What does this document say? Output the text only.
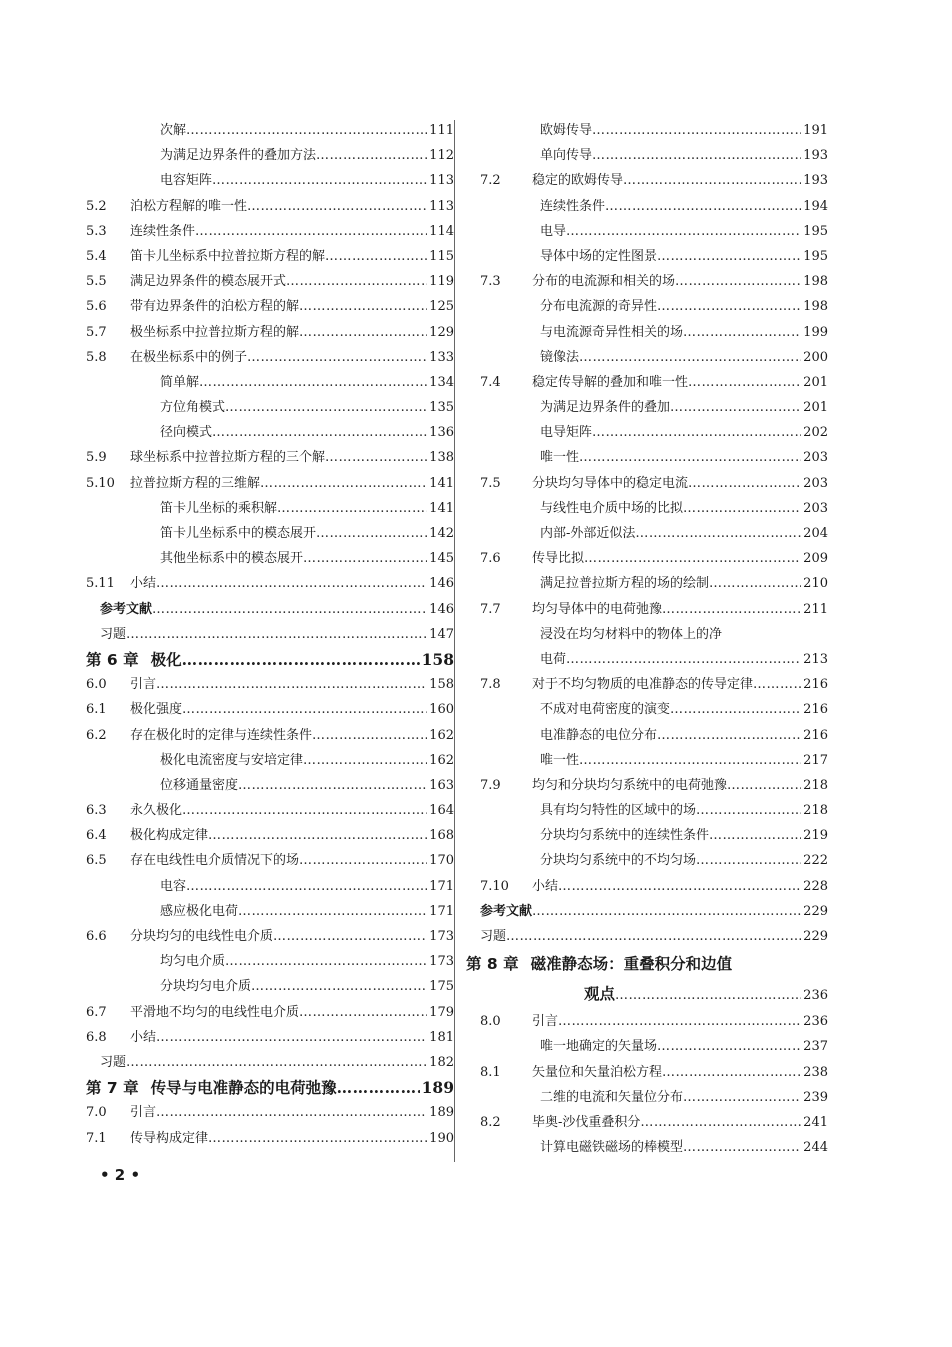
次解 …………………………………………………………………………………………………………………………………	111
为满足边界条件的叠加方法 …………………………………………………………………………………………………………………………………	112
电容矩阵 …………………………………………………………………………………………………………………………………	113
5.2	泊松方程解的唯一性 …………………………………………………………………………………………………………………………………	113
5.3	连续性条件 …………………………………………………………………………………………………………………………………	114
5.4	笛卡儿坐标系中拉普拉斯方程的解 …………………………………………………………………………………………………………………………………	115
5.5	满足边界条件的模态展开式 …………………………………………………………………………………………………………………………………	119
5.6	带有边界条件的泊松方程的解 …………………………………………………………………………………………………………………………………	125
5.7	极坐标系中拉普拉斯方程的解 …………………………………………………………………………………………………………………………………	129
5.8	在极坐标系中的例子 …………………………………………………………………………………………………………………………………	133
简单解 …………………………………………………………………………………………………………………………………	134
方位角模式 …………………………………………………………………………………………………………………………………	135
径向模式 …………………………………………………………………………………………………………………………………	136
5.9	球坐标系中拉普拉斯方程的三个解 …………………………………………………………………………………………………………………………………	138
5.10 拉普拉斯方程的三维解 …………………………………………………………………………………………………………………………………	141
笛卡儿坐标的乘积解 …………………………………………………………………………………………………………………………………	141
笛卡儿坐标系中的模态展开 …………………………………………………………………………………………………………………………………	142
其他坐标系中的模态展开 …………………………………………………………………………………………………………………………………	145
5.11 小结 …………………………………………………………………………………………………………………………………	146
参考文献 …………………………………………………………………………………………………………………………………	146
习题 …………………………………………………………………………………………………………………………………	147
第 6 章 极化 …………………………………………………………………………………………………………………………………	158
6.0	引言 …………………………………………………………………………………………………………………………………	158
6.1	极化强度 …………………………………………………………………………………………………………………………………	160
6.2	存在极化时的定律与连续性条件 …………………………………………………………………………………………………………………………………	162
极化电流密度与安培定律 …………………………………………………………………………………………………………………………………	162
位移通量密度 …………………………………………………………………………………………………………………………………	163
6.3	永久极化 …………………………………………………………………………………………………………………………………	164
6.4	极化构成定律 …………………………………………………………………………………………………………………………………	168
6.5	存在电线性电介质情况下的场 …………………………………………………………………………………………………………………………………	170
电容 …………………………………………………………………………………………………………………………………	171
感应极化电荷 …………………………………………………………………………………………………………………………………	171
6.6	分块均匀的电线性电介质 …………………………………………………………………………………………………………………………………	173
均匀电介质 …………………………………………………………………………………………………………………………………	173
分块均匀电介质 …………………………………………………………………………………………………………………………………	175
6.7	平滑地不均匀的电线性电介质 …………………………………………………………………………………………………………………………………	179
6.8	小结 …………………………………………………………………………………………………………………………………	181
习题 …………………………………………………………………………………………………………………………………	182
第 7 章 传导与电准静态的电荷弛豫 …………………………………………………………………………………………………………………………………	189
7.0	引言 …………………………………………………………………………………………………………………………………	189
7.1	传导构成定律 …………………………………………………………………………………………………………………………………	190
欧姆传导 …………………………………………………………………………………………………………………………………	191
单向传导 …………………………………………………………………………………………………………………………………	193
7.2	稳定的欧姆传导 …………………………………………………………………………………………………………………………………	193
连续性条件 …………………………………………………………………………………………………………………………………	194
电导 …………………………………………………………………………………………………………………………………	195
导体中场的定性图景 …………………………………………………………………………………………………………………………………	195
7.3	分布的电流源和相关的场 …………………………………………………………………………………………………………………………………	198
分布电流源的奇异性 …………………………………………………………………………………………………………………………………	198
与电流源奇异性相关的场 …………………………………………………………………………………………………………………………………	199
镜像法 …………………………………………………………………………………………………………………………………	200
7.4	稳定传导解的叠加和唯一性 …………………………………………………………………………………………………………………………………	201
为满足边界条件的叠加 …………………………………………………………………………………………………………………………………	201
电导矩阵 …………………………………………………………………………………………………………………………………	202
唯一性 …………………………………………………………………………………………………………………………………	203
7.5	分块均匀导体中的稳定电流 …………………………………………………………………………………………………………………………………	203
与线性电介质中场的比拟 …………………………………………………………………………………………………………………………………	203
内部-外部近似法 …………………………………………………………………………………………………………………………………	204
7.6	传导比拟 …………………………………………………………………………………………………………………………………	209
满足拉普拉斯方程的场的绘制 …………………………………………………………………………………………………………………………………	210
7.7	均匀导体中的电荷弛豫 …………………………………………………………………………………………………………………………………	211
浸没在均匀材料中的物体上的净
电荷 …………………………………………………………………………………………………………………………………	213
7.8	对于不均匀物质的电准静态的传导定律 …………………………………………………………………………………………………………………………………	216
不成对电荷密度的演变 …………………………………………………………………………………………………………………………………	216
电准静态的电位分布 …………………………………………………………………………………………………………………………………	216
唯一性 …………………………………………………………………………………………………………………………………	217
7.9	均匀和分块均匀系统中的电荷弛豫 …………………………………………………………………………………………………………………………………	218
具有均匀特性的区域中的场 …………………………………………………………………………………………………………………………………	218
分块均匀系统中的连续性条件 …………………………………………………………………………………………………………………………………	219
分块均匀系统中的不均匀场 …………………………………………………………………………………………………………………………………	222
7.10	小结 …………………………………………………………………………………………………………………………………	228
参考文献 …………………………………………………………………………………………………………………………………	229
习题 …………………………………………………………………………………………………………………………………	229
第 8 章 磁准静态场：重叠积分和边值
观点 …………………………………………………………………………………………………………………………………	236
8.0	引言 …………………………………………………………………………………………………………………………………	236
唯一地确定的矢量场 …………………………………………………………………………………………………………………………………	237
8.1	矢量位和矢量泊松方程 …………………………………………………………………………………………………………………………………	238
二维的电流和矢量位分布 …………………………………………………………………………………………………………………………………	239
8.2	毕奥-沙伐重叠积分 …………………………………………………………………………………………………………………………………	241
计算电磁铁磁场的棒模型 …………………………………………………………………………………………………………………………………	244
• 2 •
